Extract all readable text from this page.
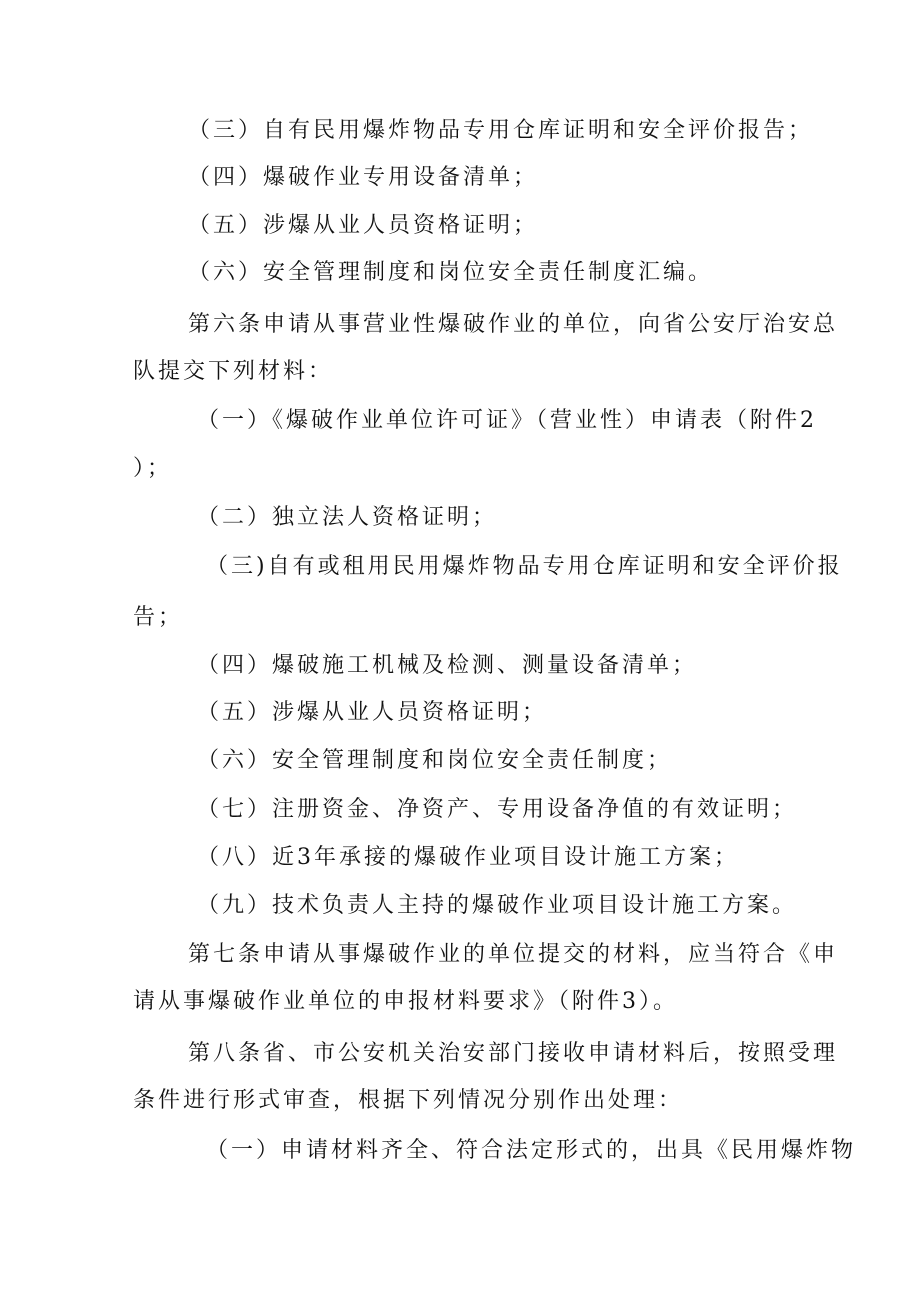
（三）自有民用爆炸物品专用仓库证明和安全评价报告；
（四）爆破作业专用设备清单；
（五）涉爆从业人员资格证明；
（六）安全管理制度和岗位安全责任制度汇编。
第六条申请从事营业性爆破作业的单位，向省公安厅治安总
队提交下列材料：
（一）《爆破作业单位许可证》（营业性）申请表（附件2
）；
（二）独立法人资格证明；
（三)自有或租用民用爆炸物品专用仓库证明和安全评价报
告；
（四）爆破施工机械及检测、测量设备清单；
（五）涉爆从业人员资格证明；
（六）安全管理制度和岗位安全责任制度；
（七）注册资金、净资产、专用设备净值的有效证明；
（八）近3年承接的爆破作业项目设计施工方案；
（九）技术负责人主持的爆破作业项目设计施工方案。
第七条申请从事爆破作业的单位提交的材料，应当符合《申
请从事爆破作业单位的申报材料要求》（附件3）。
第八条省、市公安机关治安部门接收申请材料后，按照受理
条件进行形式审查，根据下列情况分别作出处理：
（一）申请材料齐全、符合法定形式的，出具《民用爆炸物
